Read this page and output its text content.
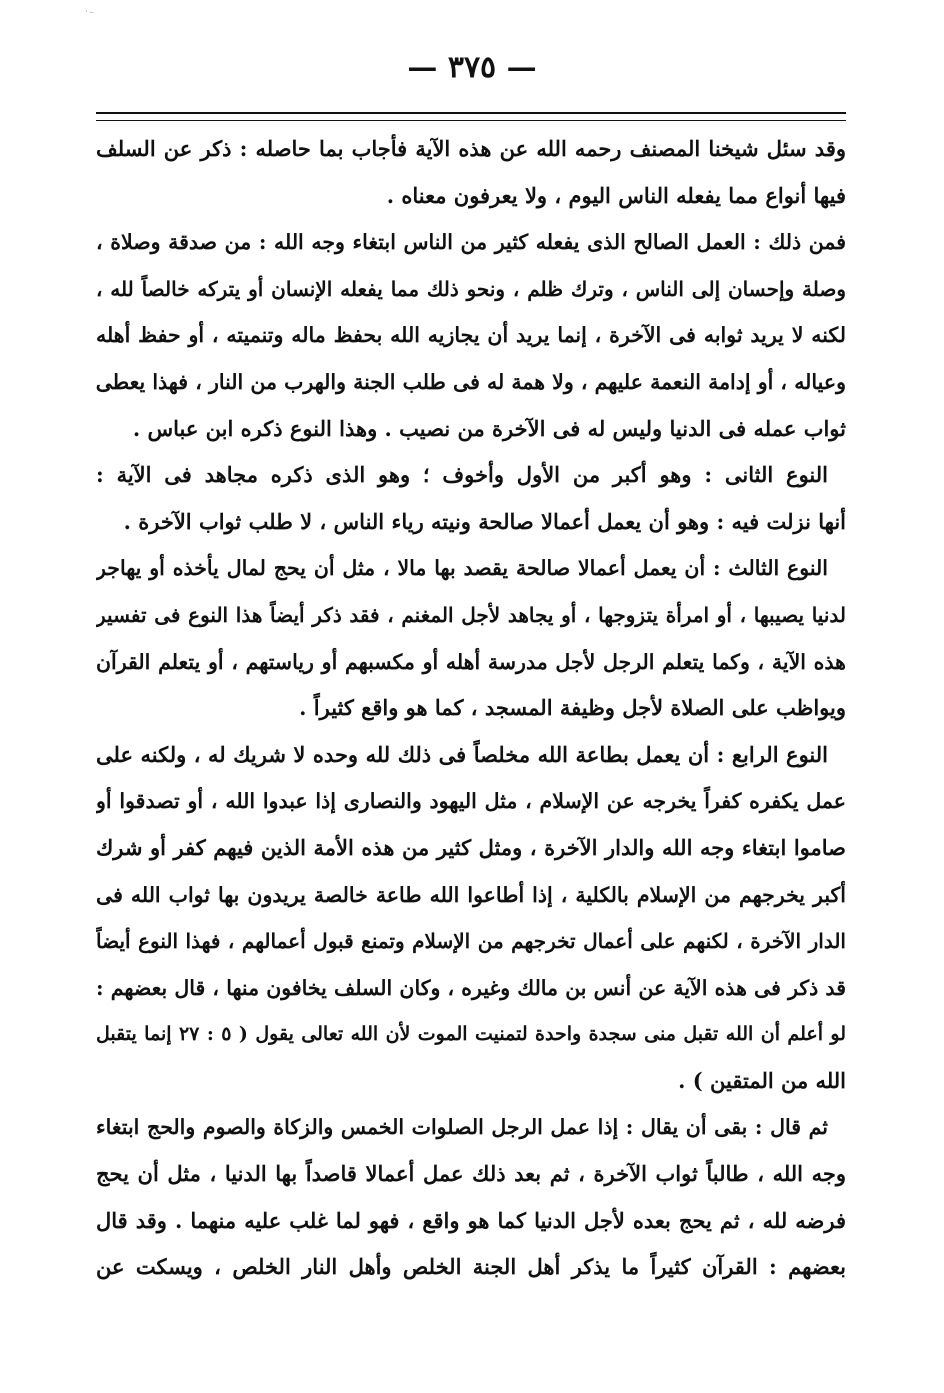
⁻˙
— ٣٧٥ —
وقد سئل شيخنا المصنف رحمه الله عن هذه الآية فأجاب بما حاصله : ذكر عن السلف
فيها أنواع مما يفعله الناس اليوم ، ولا يعرفون معناه .
فمن ذلك : العمل الصالح الذى يفعله كثير من الناس ابتغاء وجه الله : من صدقة وصلاة ،
وصلة وإحسان إلى الناس ، وترك ظلم ، ونحو ذلك مما يفعله الإنسان أو يتركه خالصاً لله ،
لكنه لا يريد ثوابه فى الآخرة ، إنما يريد أن يجازيه الله بحفظ ماله وتنميته ، أو حفظ أهله
وعياله ، أو إدامة النعمة عليهم ، ولا همة له فى طلب الجنة والهرب من النار ، فهذا يعطى
ثواب عمله فى الدنيا وليس له فى الآخرة من نصيب . وهذا النوع ذكره ابن عباس .
النوع الثانى : وهو أكبر من الأول وأخوف ؛ وهو الذى ذكره مجاهد فى الآية :
أنها نزلت فيه : وهو أن يعمل أعمالا صالحة ونيته رياء الناس ، لا طلب ثواب الآخرة .
النوع الثالث : أن يعمل أعمالا صالحة يقصد بها مالا ، مثل أن يحج لمال يأخذه أو يهاجر
لدنيا يصيبها ، أو امرأة يتزوجها ، أو يجاهد لأجل المغنم ، فقد ذكر أيضاً هذا النوع فى تفسير
هذه الآية ، وكما يتعلم الرجل لأجل مدرسة أهله أو مكسبهم أو رياستهم ، أو يتعلم القرآن
ويواظب على الصلاة لأجل وظيفة المسجد ، كما هو واقع كثيراً .
النوع الرابع : أن يعمل بطاعة الله مخلصاً فى ذلك لله وحده لا شريك له ، ولكنه على
عمل يكفره كفراً يخرجه عن الإسلام ، مثل اليهود والنصارى إذا عبدوا الله ، أو تصدقوا أو
صاموا ابتغاء وجه الله والدار الآخرة ، ومثل كثير من هذه الأمة الذين فيهم كفر أو شرك
أكبر يخرجهم من الإسلام بالكلية ، إذا أطاعوا الله طاعة خالصة يريدون بها ثواب الله فى
الدار الآخرة ، لكنهم على أعمال تخرجهم من الإسلام وتمنع قبول أعمالهم ، فهذا النوع أيضاً
قد ذكر فى هذه الآية عن أنس بن مالك وغيره ، وكان السلف يخافون منها ، قال بعضهم :
لو أعلم أن الله تقبل منى سجدة واحدة لتمنيت الموت لأن الله تعالى يقول ( ٥ : ٢٧ إنما يتقبل
الله من المتقين ) .
ثم قال : بقى أن يقال : إذا عمل الرجل الصلوات الخمس والزكاة والصوم والحج ابتغاء
وجه الله ، طالباً ثواب الآخرة ، ثم بعد ذلك عمل أعمالا قاصداً بها الدنيا ، مثل أن يحج
فرضه لله ، ثم يحج بعده لأجل الدنيا كما هو واقع ، فهو لما غلب عليه منهما . وقد قال
بعضهم : القرآن كثيراً ما يذكر أهل الجنة الخلص وأهل النار الخلص ، ويسكت عن
